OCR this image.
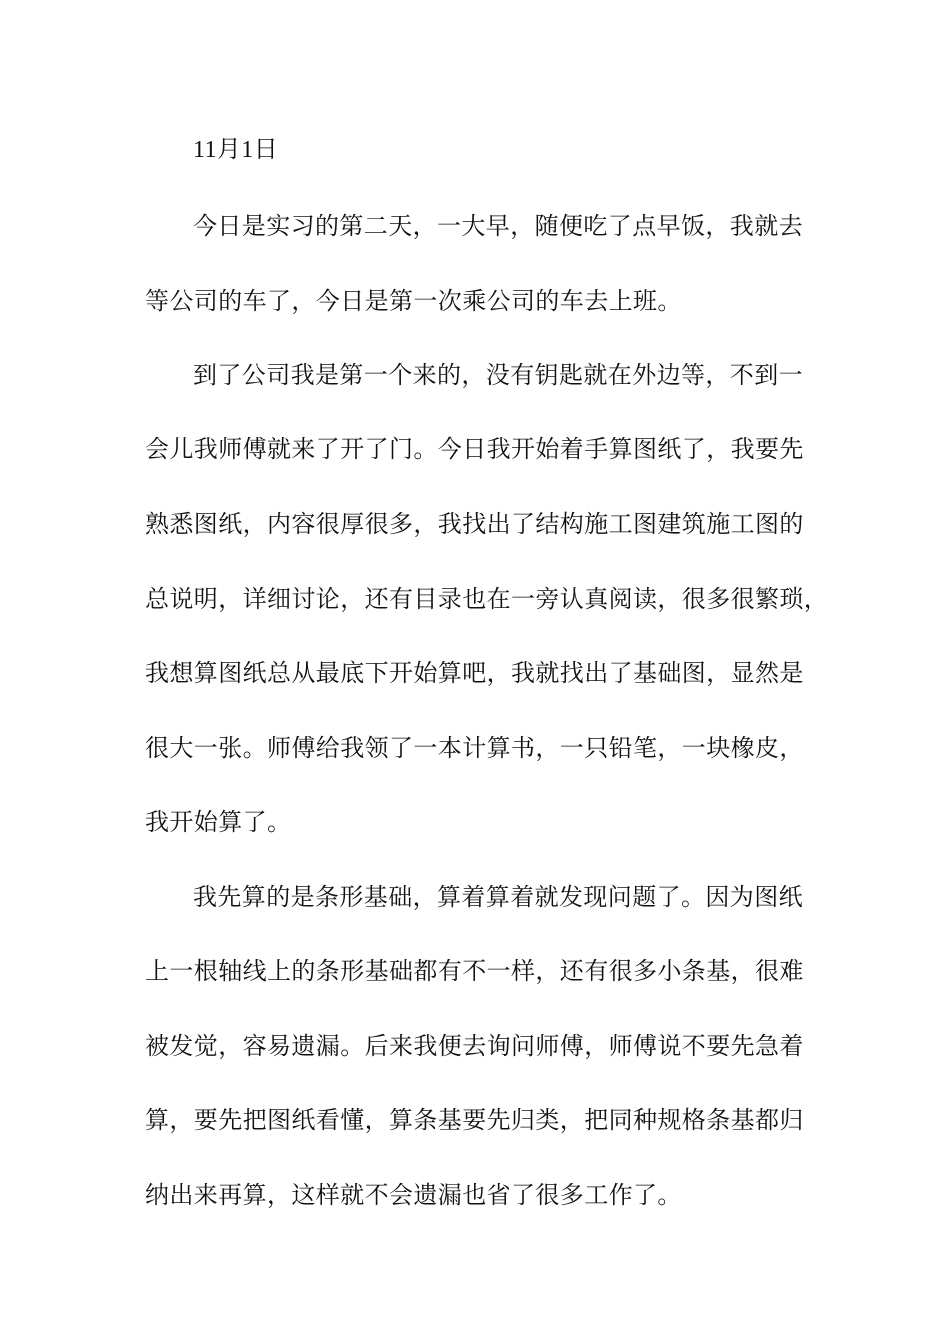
11月1日
今日是实习的第二天，一大早，随便吃了点早饭，我就去
等公司的车了，今日是第一次乘公司的车去上班。
到了公司我是第一个来的，没有钥匙就在外边等，不到一
会儿我师傅就来了开了门。今日我开始着手算图纸了，我要先
熟悉图纸，内容很厚很多，我找出了结构施工图建筑施工图的
总说明，详细讨论，还有目录也在一旁认真阅读，很多很繁琐，
我想算图纸总从最底下开始算吧，我就找出了基础图，显然是
很大一张。师傅给我领了一本计算书，一只铅笔，一块橡皮，
我开始算了。
我先算的是条形基础，算着算着就发现问题了。因为图纸
上一根轴线上的条形基础都有不一样，还有很多小条基，很难
被发觉，容易遗漏。后来我便去询问师傅，师傅说不要先急着
算，要先把图纸看懂，算条基要先归类，把同种规格条基都归
纳出来再算，这样就不会遗漏也省了很多工作了。
